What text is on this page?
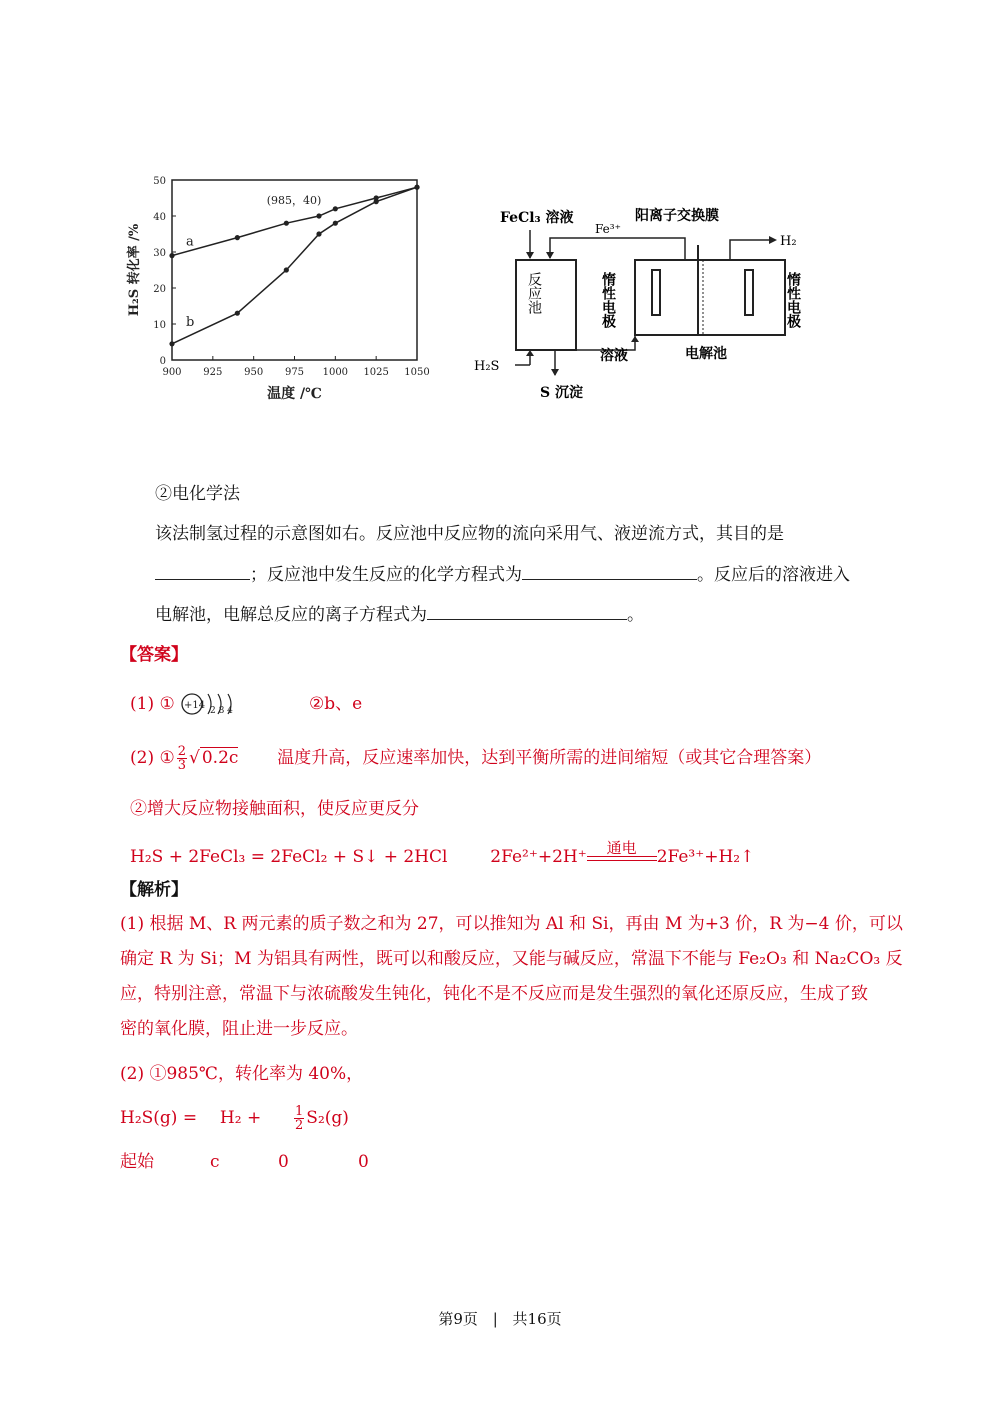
900 925 950 975 1000 1025 1050
0
10
20
30
40
50
温度 /℃
H₂S 转化率 /%	a
b
(985，40)
反应池
FeCl₃ 溶液
Fe³⁺
阳离子交换膜
H₂
惰性电极	惰性电极
H₂S
溶液	电解池
S 沉淀
②电化学法
该法制氢过程的示意图如右。反应池中反应物的流向采用气、液逆流方式，其目的是
；反应池中发生反应的化学方程式为	。反应后的溶液进入
电解池，电解总反应的离子方程式为	。
【答案】
(1) ① +14 2 8 4	②b、e
(2) ① $\frac{2}{3}$ √ 0.2c 温度升高，反应速率加快，达到平衡所需的进间缩短（或其它合理答案）
②增大反应物接触面积，使反应更反分
H₂S + 2FeCl₃ = 2FeCl₂ + S↓ + 2HCl	2Fe²⁺+2H⁺	通电	2Fe³⁺+H₂↑
【解析】
(1) 根据 M、R 两元素的质子数之和为 27，可以推知为 Al 和 Si，再由 M 为+3 价，R 为−4 价，可以
确定 R 为 Si；M 为铝具有两性，既可以和酸反应，又能与碱反应，常温下不能与 Fe₂O₃ 和 Na₂CO₃ 反
应，特别注意，常温下与浓硫酸发生钝化，钝化不是不反应而是发生强烈的氧化还原反应，生成了致
密的氧化膜，阻止进一步反应。
(2) ①985℃，转化率为 40%，
H₂S(g) = H₂ +	$\frac{1}{2} S_2(g)$
起始	c	0	0
第9页 | 共16页
